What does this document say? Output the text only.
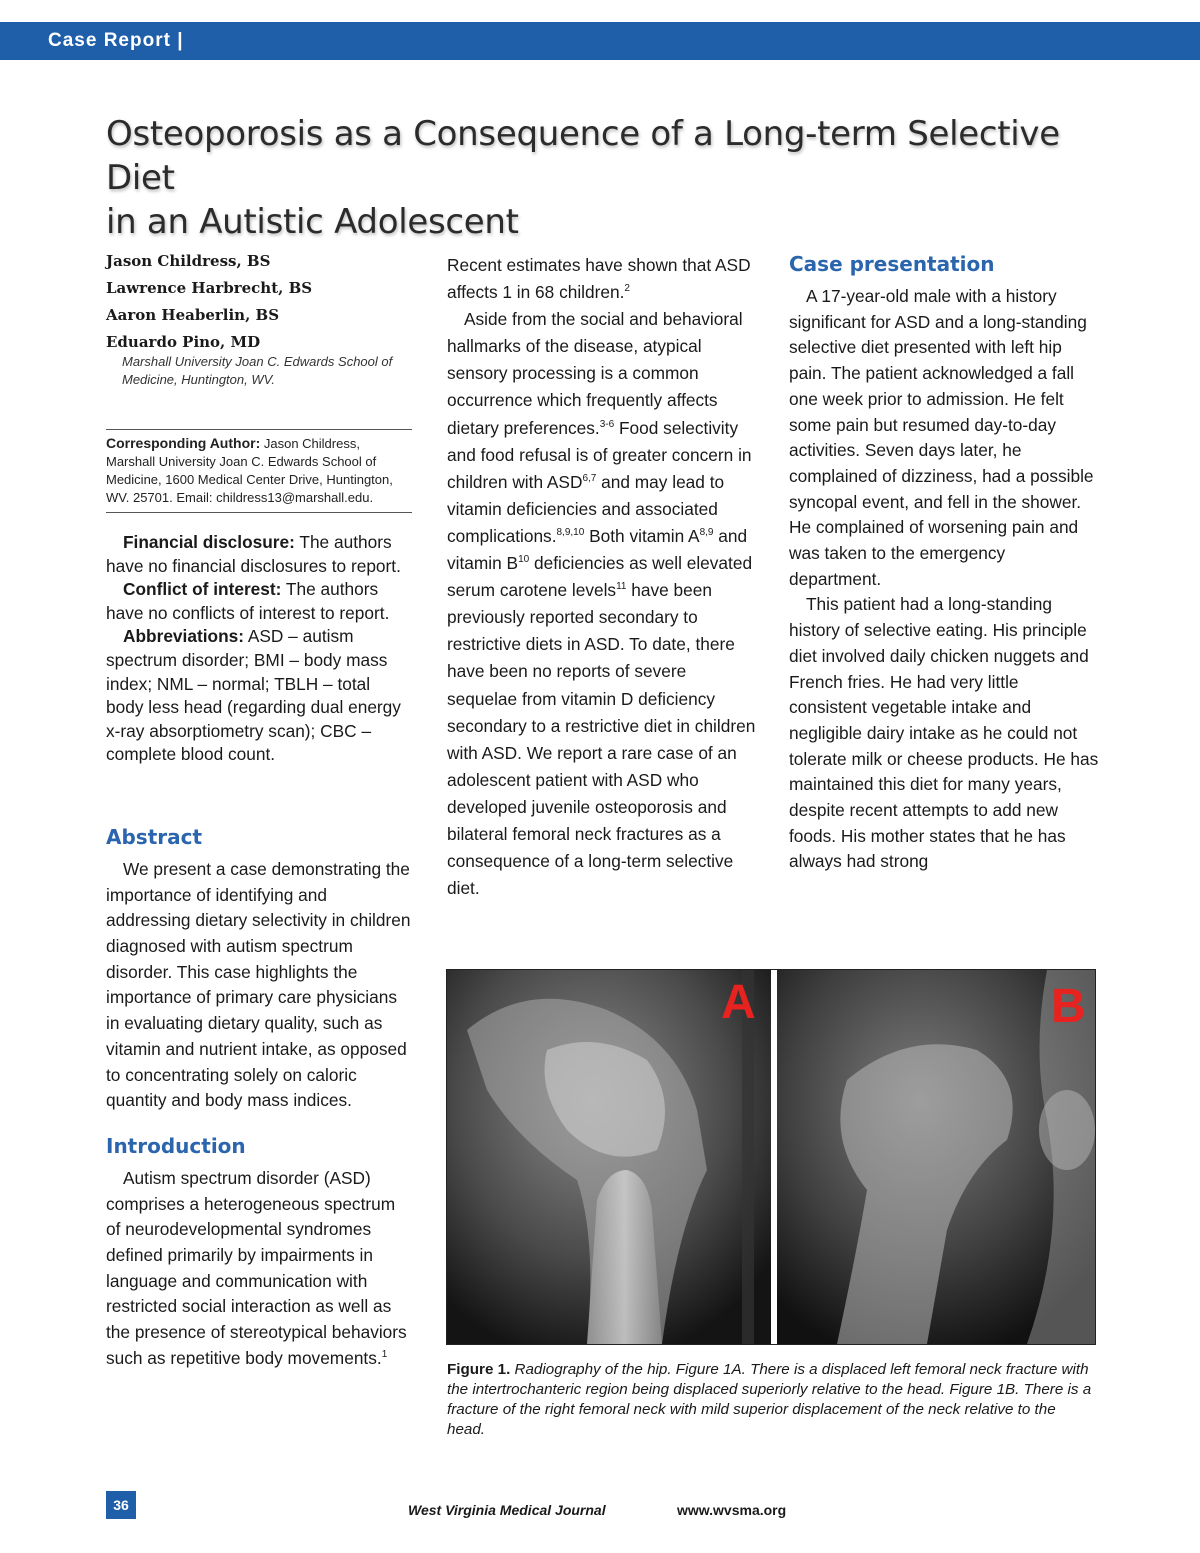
Case Report |
Osteoporosis as a Consequence of a Long-term Selective Diet
in an Autistic Adolescent

Jason Childress, BS

Lawrence Harbrecht, BS

Aaron Heaberlin, BS

Eduardo Pino, MD

Marshall University Joan C. Edwards School of Medicine, Huntington, WV.

Corresponding Author: Jason Childress, Marshall University Joan C. Edwards School of Medicine, 1600 Medical Center Drive, Huntington, WV. 25701. Email: childress13@marshall.edu.

Financial disclosure: The authors have no financial disclosures to report.

Conflict of interest: The authors have no conflicts of interest to report.

Abbreviations: ASD – autism spectrum disorder; BMI – body mass index; NML – normal; TBLH – total body less head (regarding dual energy x-ray absorptiometry scan); CBC – complete blood count.

Abstract

We present a case demonstrating the importance of identifying and addressing dietary selectivity in children diagnosed with autism spectrum disorder. This case highlights the importance of primary care physicians in evaluating dietary quality, such as vitamin and nutrient intake, as opposed to concentrating solely on caloric quantity and body mass indices.

Introduction

Autism spectrum disorder (ASD) comprises a heterogeneous spectrum of neurodevelopmental syndromes defined primarily by impairments in language and communication with restricted social interaction as well as the presence of stereotypical behaviors such as repetitive body movements.$^1$

Recent estimates have shown that ASD affects 1 in 68 children.$^2$

Aside from the social and behavioral hallmarks of the disease, atypical sensory processing is a common occurrence which frequently affects dietary preferences.$^{3-6}$ Food selectivity and food refusal is of greater concern in children with ASD$^{6,7}$ and may lead to vitamin deficiencies and associated complications.$^{8,9,10}$ Both vitamin A$^{8,9}$ and vitamin $B^{10}$ deficiencies as well elevated serum carotene levels$^{11}$ have been previously reported secondary to restrictive diets in ASD. To date, there have been no reports of severe sequelae from vitamin D deficiency secondary to a restrictive diet in children with ASD. We report a rare case of an adolescent patient with ASD who developed juvenile osteoporosis and bilateral femoral neck fractures as a consequence of a long-term selective diet.

Case presentation

A 17-year-old male with a history significant for ASD and a long-standing selective diet presented with left hip pain. The patient acknowledged a fall one week prior to admission. He felt some pain but resumed day-to-day activities. Seven days later, he complained of dizziness, had a possible syncopal event, and fell in the shower. He complained of worsening pain and was taken to the emergency department.

This patient had a long-standing history of selective eating. His principle diet involved daily chicken nuggets and French fries. He had very little consistent vegetable intake and negligible dairy intake as he could not tolerate milk or cheese products. He has maintained this diet for many years, despite recent attempts to add new foods. His mother states that he has always had strong

A	B

Figure 1. Radiography of the hip. Figure 1A. There is a displaced left femoral neck fracture with the intertrochanteric region being displaced superiorly relative to the head. Figure 1B. There is a fracture of the right femoral neck with mild superior displacement of the neck relative to the head.

36	West Virginia Medical Journal	www.wvsma.org
